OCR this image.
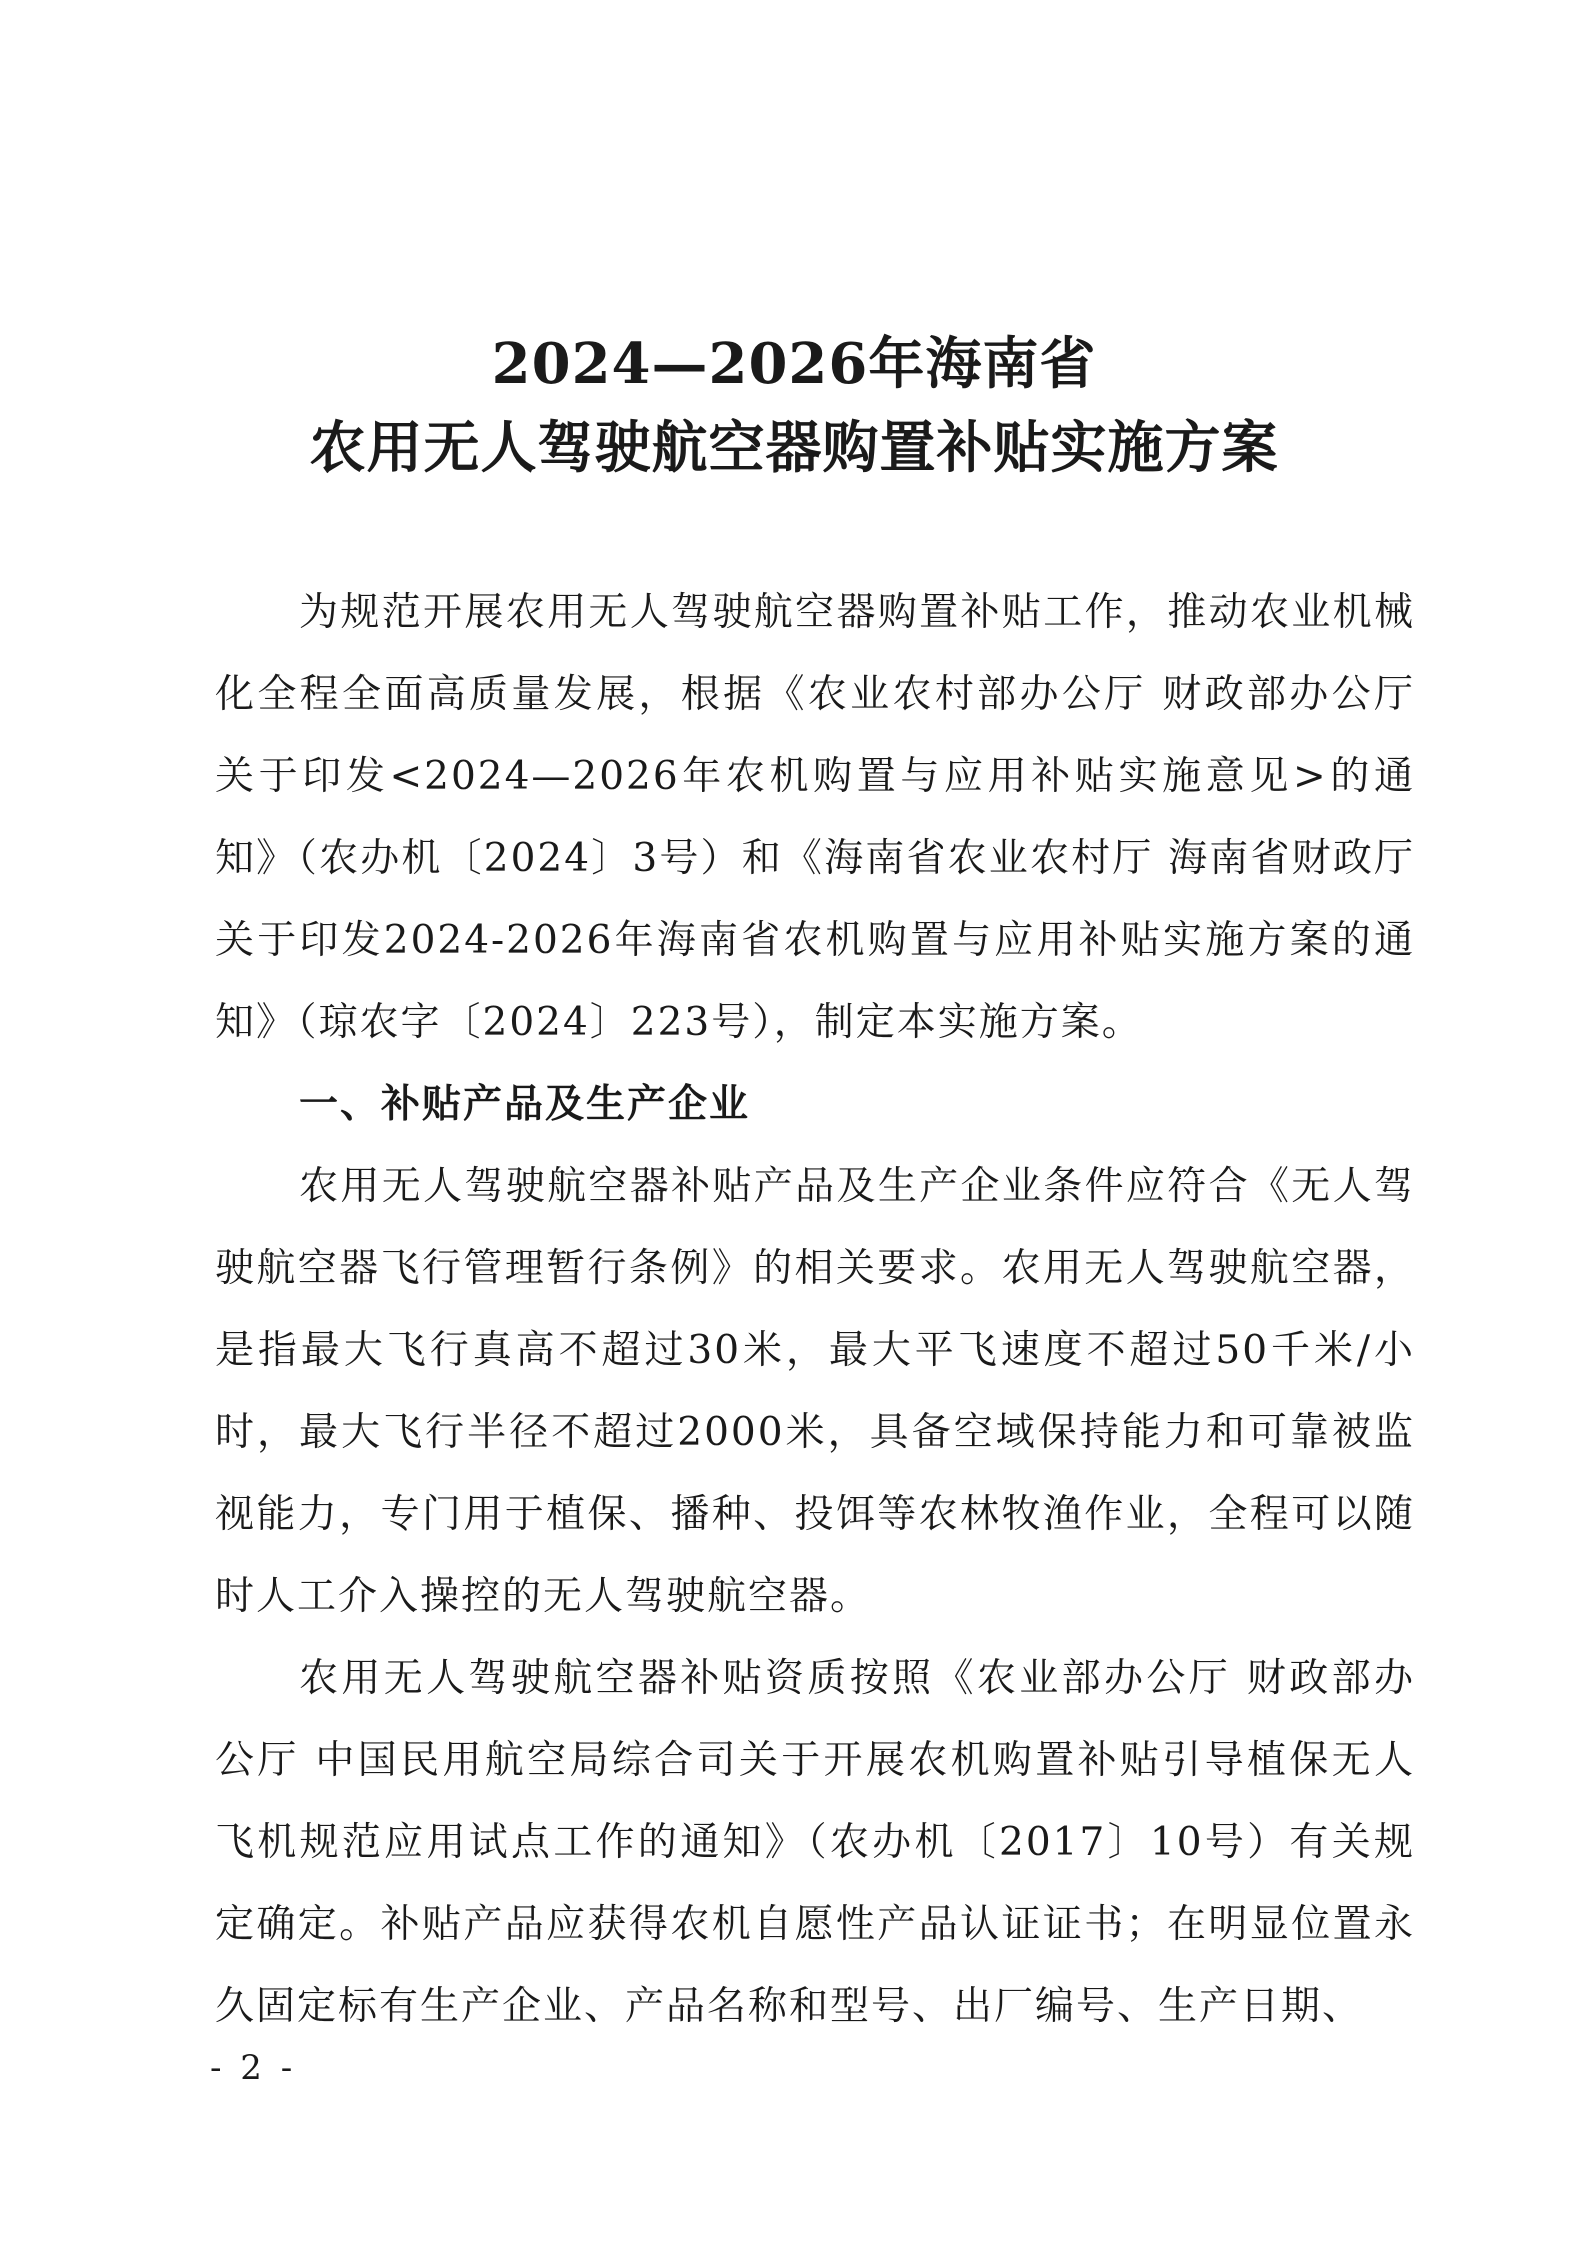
2024—2026年海南省
农用无人驾驶航空器购置补贴实施方案

为规范开展农用无人驾驶航空器购置补贴工作，推动农业机械化全程全面高质量发展，根据《农业农村部办公厅 财政部办公厅关于印发<2024—2026年农机购置与应用补贴实施意见>的通知》（农办机〔2024〕3号）和《海南省农业农村厅 海南省财政厅关于印发2024-2026年海南省农机购置与应用补贴实施方案的通知》（琼农字〔2024〕223号），制定本实施方案。

一、补贴产品及生产企业

农用无人驾驶航空器补贴产品及生产企业条件应符合《无人驾驶航空器飞行管理暂行条例》的相关要求。农用无人驾驶航空器，是指最大飞行真高不超过30米，最大平飞速度不超过50千米/小时，最大飞行半径不超过2000米，具备空域保持能力和可靠被监视能力，专门用于植保、播种、投饵等农林牧渔作业，全程可以随时人工介入操控的无人驾驶航空器。

农用无人驾驶航空器补贴资质按照《农业部办公厅 财政部办公厅 中国民用航空局综合司关于开展农机购置补贴引导植保无人飞机规范应用试点工作的通知》（农办机〔2017〕10号）有关规定确定。补贴产品应获得农机自愿性产品认证证书；在明显位置永久固定标有生产企业、产品名称和型号、出厂编号、生产日期、

- 2 -
